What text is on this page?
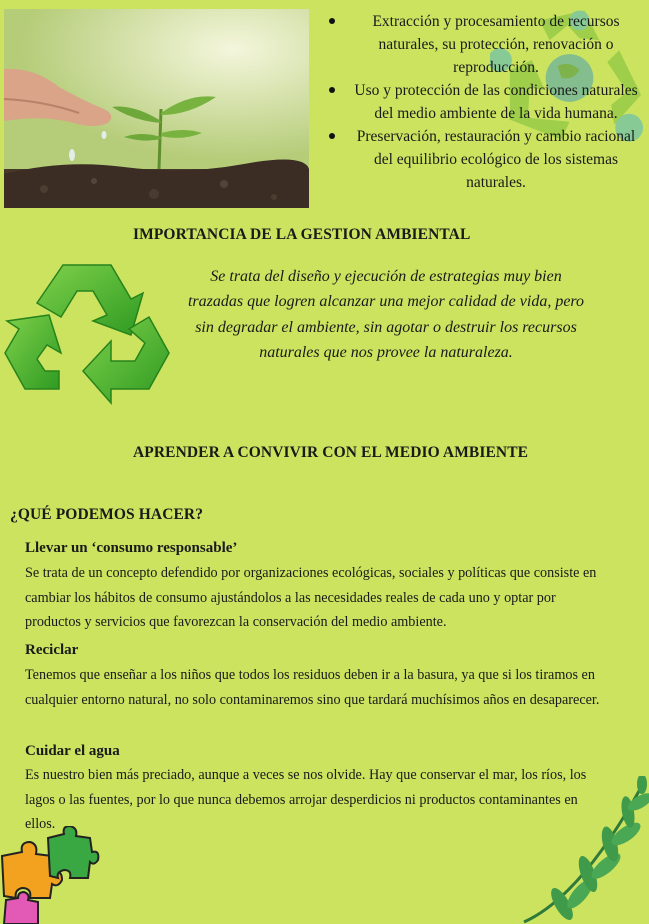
Extracción y procesamiento de recursos naturales, su protección, renovación o reproducción.
Uso y protección de las condiciones naturales del medio ambiente de la vida humana.
Preservación, restauración y cambio racional del equilibrio ecológico de los sistemas naturales.
IMPORTANCIA DE LA GESTION AMBIENTAL
Se trata del diseño y ejecución de estrategias muy bien trazadas que logren alcanzar una mejor calidad de vida, pero sin degradar el ambiente, sin agotar o destruir los recursos naturales que nos provee la naturaleza.
APRENDER A CONVIVIR CON EL MEDIO AMBIENTE
¿QUÉ PODEMOS HACER?
Llevar un ‘consumo responsable’
Se trata de un concepto defendido por organizaciones ecológicas, sociales y políticas que consiste en cambiar los hábitos de consumo ajustándolos a las necesidades reales de cada uno y optar por productos y servicios que favorezcan la conservación del medio ambiente.
Reciclar
Tenemos que enseñar a los niños que todos los residuos deben ir a la basura, ya que si los tiramos en cualquier entorno natural, no solo contaminaremos sino que tardará muchísimos años en desaparecer.
Cuidar el agua
Es nuestro bien más preciado, aunque a veces se nos olvide. Hay que conservar el mar, los ríos, los lagos o las fuentes, por lo que nunca debemos arrojar desperdicios ni productos contaminantes en ellos.
